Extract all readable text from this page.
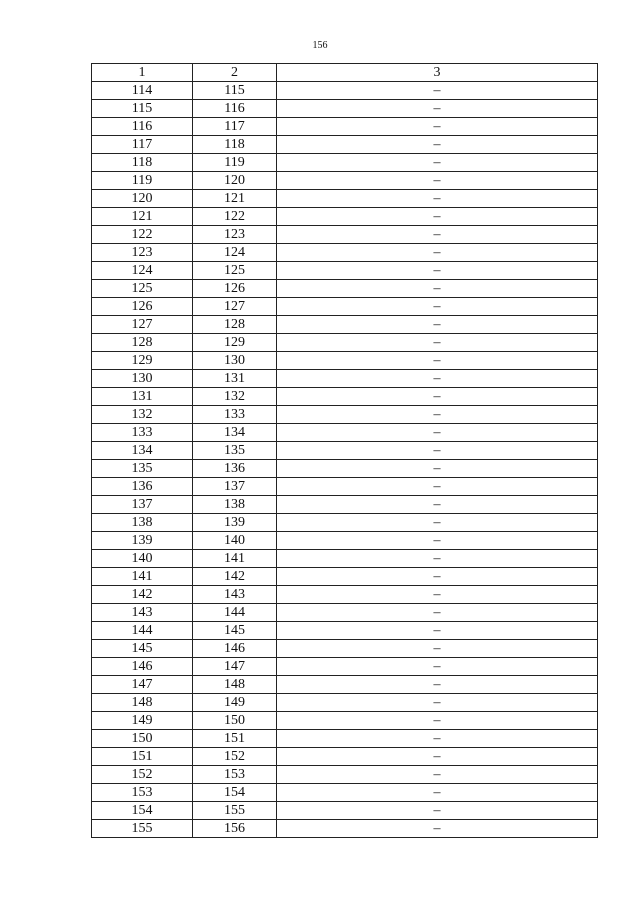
156
1	2	3
114	115	–
115	116	–
116	117	–
117	118	–
118	119	–
119	120	–
120	121	–
121	122	–
122	123	–
123	124	–
124	125	–
125	126	–
126	127	–
127	128	–
128	129	–
129	130	–
130	131	–
131	132	–
132	133	–
133	134	–
134	135	–
135	136	–
136	137	–
137	138	–
138	139	–
139	140	–
140	141	–
141	142	–
142	143	–
143	144	–
144	145	–
145	146	–
146	147	–
147	148	–
148	149	–
149	150	–
150	151	–
151	152	–
152	153	–
153	154	–
154	155	–
155	156	–
